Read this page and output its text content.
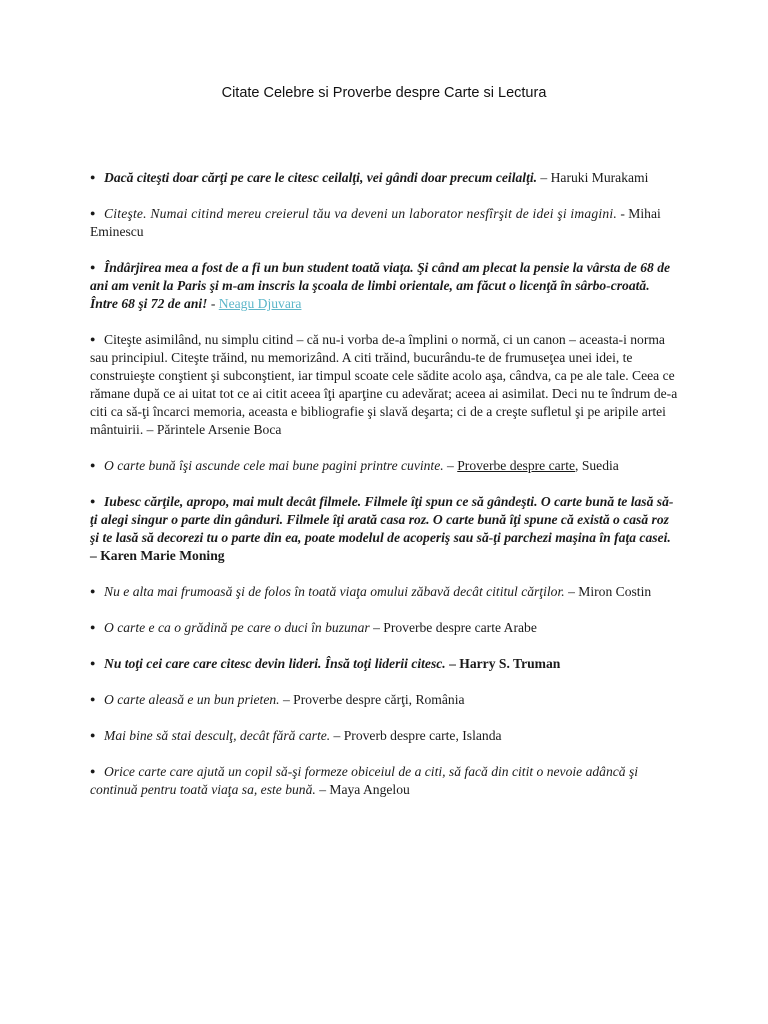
Citate Celebre si Proverbe despre Carte si Lectura
● Dacă citeşti doar cărţi pe care le citesc ceilalţi, vei gândi doar precum ceilalţi. – Haruki Murakami
● Citeşte. Numai citind mereu creierul tău va deveni un laborator nesfîrşit de idei şi imagini. - Mihai Eminescu
● Îndârjirea mea a fost de a fi un bun student toată viaţa. Şi când am plecat la pensie la vârsta de 68 de ani am venit la Paris şi m-am inscris la şcoala de limbi orientale, am făcut o licenţă în sârbo-croată. Între 68 şi 72 de ani! - Neagu Djuvara
● Citeşte asimilând, nu simplu citind – că nu-i vorba de-a împlini o normă, ci un canon – aceasta-i norma sau principiul. Citeşte trăind, nu memorizând. A citi trăind, bucurându-te de frumuseţea unei idei, te construieşte conştient şi subconştient, iar timpul scoate cele sădite acolo aşa, cândva, ca pe ale tale. Ceea ce rămane după ce ai uitat tot ce ai citit aceea îţi aparţine cu adevărat; aceea ai asimilat. Deci nu te îndrum de-a citi ca să-ţi încarci memoria, aceasta e bibliografie şi slavă deşarta; ci de a creşte sufletul şi pe aripile artei mântuirii. – Părintele Arsenie Boca
● O carte bună îşi ascunde cele mai bune pagini printre cuvinte. – Proverbe despre carte, Suedia
● Iubesc cărţile, apropo, mai mult decât filmele. Filmele îţi spun ce să gândeşti. O carte bună te lasă să-ţi alegi singur o parte din gânduri. Filmele îţi arată casa roz. O carte bună îţi spune că există o casă roz şi te lasă să decorezi tu o parte din ea, poate modelul de acoperiş sau să-ţi parchezi maşina în faţa casei. – Karen Marie Moning
● Nu e alta mai frumoasă şi de folos în toată viaţa omului zăbavă decât cititul cărţilor. – Miron Costin
● O carte e ca o grădină pe care o duci în buzunar – Proverbe despre carte Arabe
● Nu toţi cei care care citesc devin lideri. Însă toţi liderii citesc. – Harry S. Truman
● O carte aleasă e un bun prieten. – Proverbe despre cărţi, România
● Mai bine să stai desculţ, decât fără carte. – Proverb despre carte, Islanda
● Orice carte care ajută un copil să-şi formeze obiceiul de a citi, să facă din citit o nevoie adâncă şi continuă pentru toată viaţa sa, este bună. – Maya Angelou
